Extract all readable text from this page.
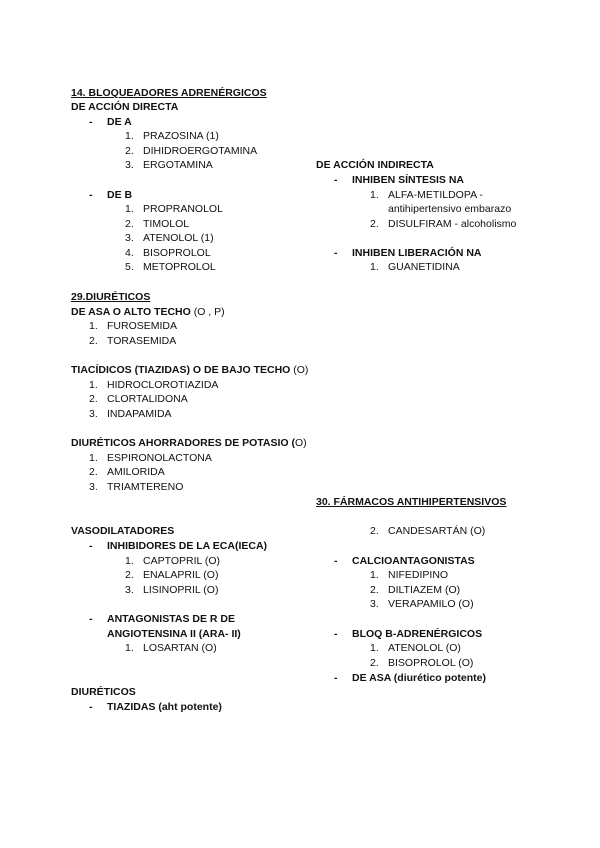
14. BLOQUEADORES ADRENÉRGICOS
DE ACCIÓN DIRECTA
- DE A
1. PRAZOSINA (1)
2. DIHIDROERGOTAMINA
3. ERGOTAMINA
- DE B
1. PROPRANOLOL
2. TIMOLOL
3. ATENOLOL (1)
4. BISOPROLOL
5. METOPROLOL
DE ACCIÓN INDIRECTA
- INHIBEN SÍNTESIS NA
1. ALFA-METILDOPA -
antihipertensivo embarazo
2. DISULFIRAM - alcoholismo
- INHIBEN LIBERACIÓN NA
1. GUANETIDINA
29.DIURÉTICOS
DE ASA O ALTO TECHO (O , P)
1. FUROSEMIDA
2. TORASEMIDA
TIACÍDICOS (TIAZIDAS) O DE BAJO TECHO (O)
1. HIDROCLOROTIAZIDA
2. CLORTALIDONA
3. INDAPAMIDA
DIURÉTICOS AHORRADORES DE POTASIO (O)
1. ESPIRONOLACTONA
2. AMILORIDA
3. TRIAMTERENO
30. FÁRMACOS ANTIHIPERTENSIVOS
VASODILATADORES
- INHIBIDORES DE LA ECA(IECA)
1. CAPTOPRIL (O)
2. ENALAPRIL (O)
3. LISINOPRIL (O)
- ANTAGONISTAS DE R DE
ANGIOTENSINA II (ARA- II)
1. LOSARTAN (O)
DIURÉTICOS
- TIAZIDAS (aht potente)
2. CANDESARTÁN (O)
- CALCIOANTAGONISTAS
1. NIFEDIPINO
2. DILTIAZEM (O)
3. VERAPAMILO (O)
- BLOQ B-ADRENÉRGICOS
1. ATENOLOL (O)
2. BISOPROLOL (O)
- DE ASA (diurético potente)
